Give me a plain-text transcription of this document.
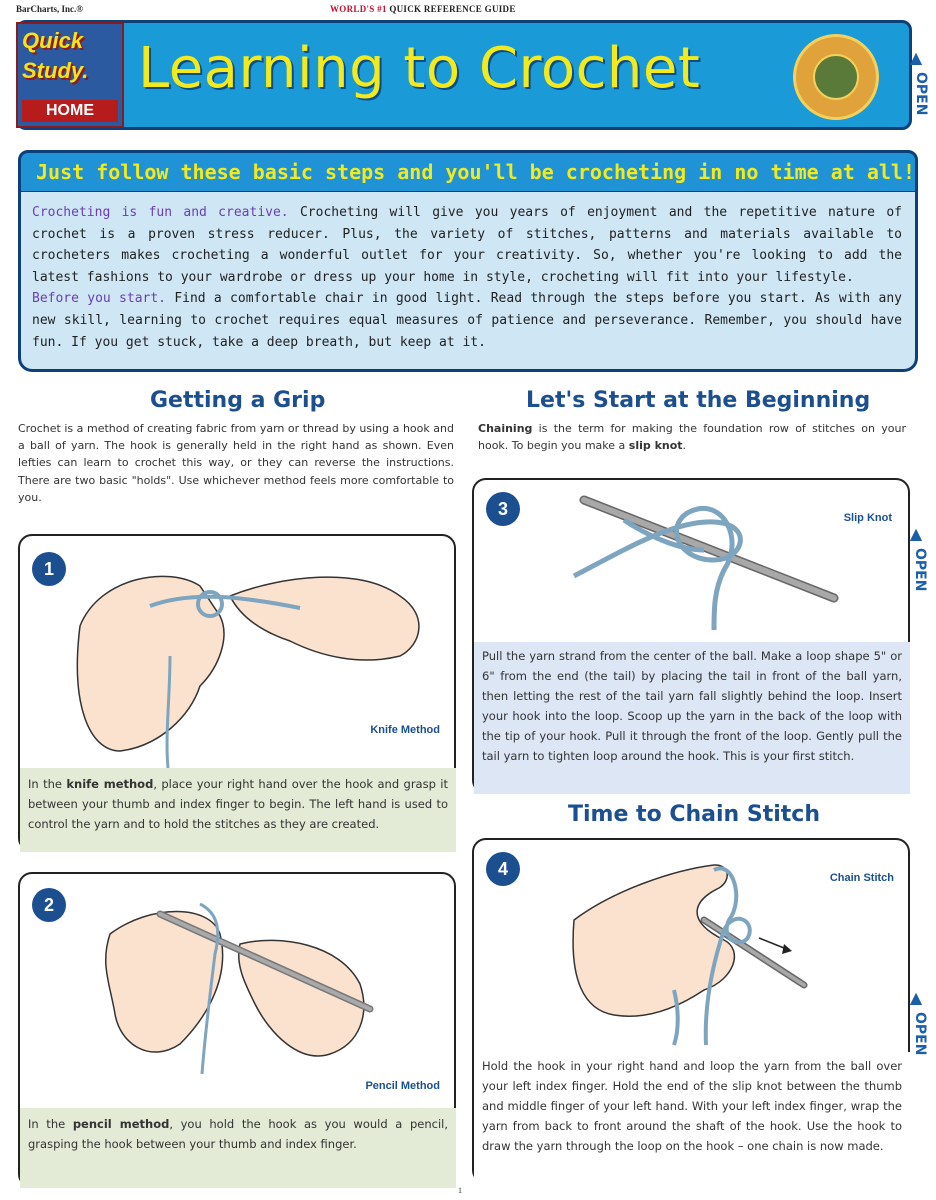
BarCharts, Inc.®	WORLD'S #1 QUICK REFERENCE GUIDE
Quick
Study.
HOME
Learning to Crochet	▲
OPEN
▲
OPEN
▲
OPEN
Just follow these basic steps and you'll be crocheting in no time at all!
Crocheting is fun and creative. Crocheting will give you years of enjoyment and the repetitive nature of crochet is a proven stress reducer. Plus, the variety of stitches, patterns and materials available to crocheters makes crocheting a wonderful outlet for your creativity. So, whether you're looking to add the latest fashions to your wardrobe or dress up your home in style, crocheting will fit into your lifestyle.
Before you start. Find a comfortable chair in good light. Read through the steps before you start. As with any new skill, learning to crochet requires equal measures of patience and perseverance. Remember, you should have fun. If you get stuck, take a deep breath, but keep at it.
Getting a Grip
Crochet is a method of creating fabric from yarn or thread by using a hook and a ball of yarn. The hook is generally held in the right hand as shown. Even lefties can learn to crochet this way, or they can reverse the instructions. There are two basic "holds". Use whichever method feels more comfortable to you.
Let's Start at the Beginning
Chaining is the term for making the foundation row of stitches on your hook. To begin you make a slip knot.
1
Knife Method
In the knife method, place your right hand over the hook and grasp it between your thumb and index finger to begin. The left hand is used to control the yarn and to hold the stitches as they are created.
2
Pencil Method
In the pencil method, you hold the hook as you would a pencil, grasping the hook between your thumb and index finger.
3	Slip Knot
Pull the yarn strand from the center of the ball. Make a loop shape 5" or 6" from the end (the tail) by placing the tail in front of the ball yarn, then letting the rest of the tail yarn fall slightly behind the loop. Insert your hook into the loop. Scoop up the yarn in the back of the loop with the tip of your hook. Pull it through the front of the loop. Gently pull the tail yarn to tighten loop around the hook. This is your first stitch.
Time to Chain Stitch
4	Chain Stitch
Hold the hook in your right hand and loop the yarn from the ball over your left index finger. Hold the end of the slip knot between the thumb and middle finger of your left hand. With your left index finger, wrap the yarn from back to front around the shaft of the hook. Use the hook to draw the yarn through the loop on the hook – one chain is now made.
1
